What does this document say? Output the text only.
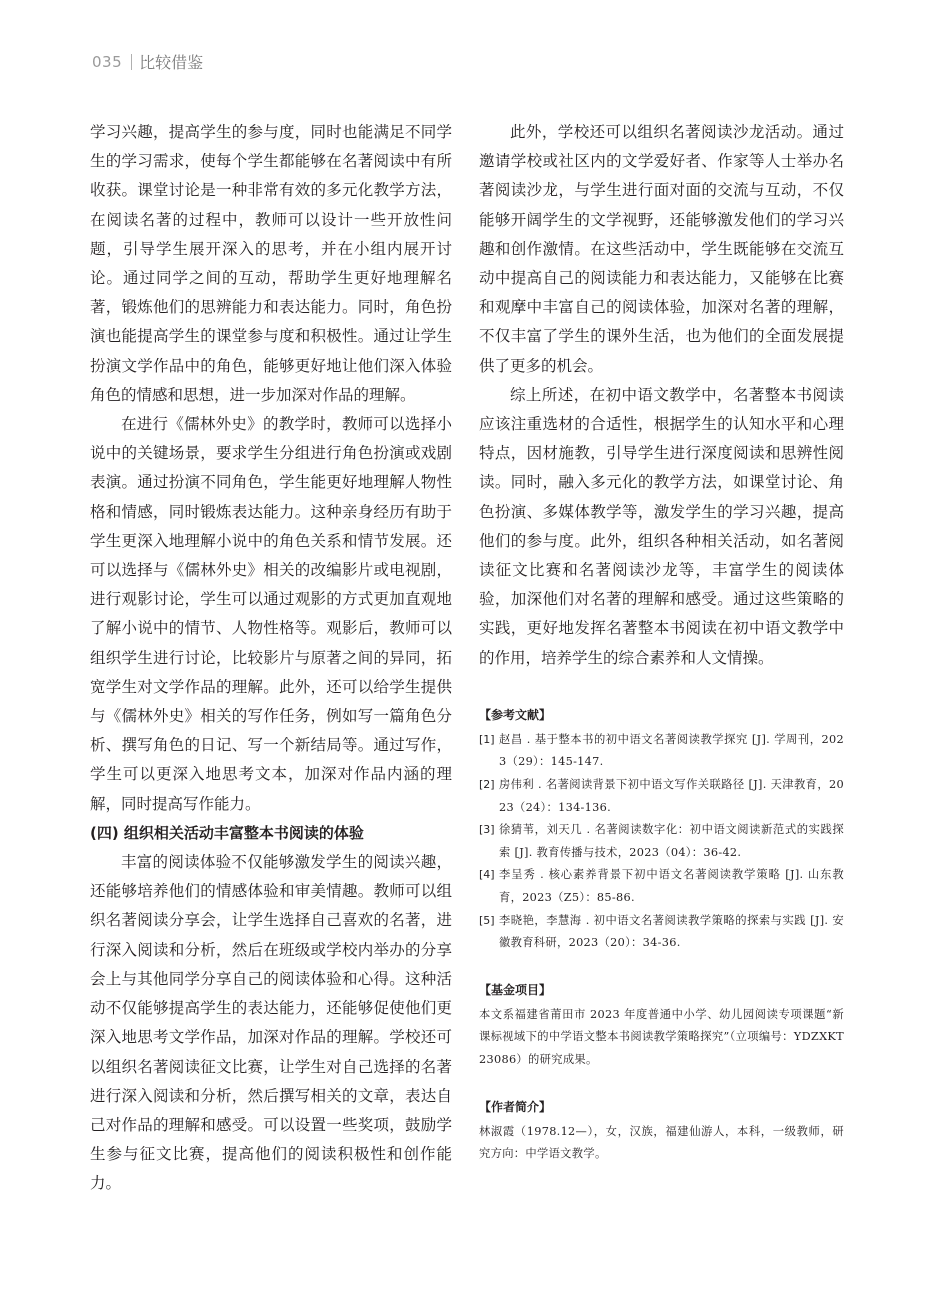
035 比较借鉴

学习兴趣，提高学生的参与度，同时也能满足不同学生的学习需求，使每个学生都能够在名著阅读中有所收获。课堂讨论是一种非常有效的多元化教学方法，在阅读名著的过程中，教师可以设计一些开放性问题，引导学生展开深入的思考，并在小组内展开讨论。通过同学之间的互动，帮助学生更好地理解名著，锻炼他们的思辨能力和表达能力。同时，角色扮演也能提高学生的课堂参与度和积极性。通过让学生扮演文学作品中的角色，能够更好地让他们深入体验角色的情感和思想，进一步加深对作品的理解。

在进行《儒林外史》的教学时，教师可以选择小说中的关键场景，要求学生分组进行角色扮演或戏剧表演。通过扮演不同角色，学生能更好地理解人物性格和情感，同时锻炼表达能力。这种亲身经历有助于学生更深入地理解小说中的角色关系和情节发展。还可以选择与《儒林外史》相关的改编影片或电视剧，进行观影讨论，学生可以通过观影的方式更加直观地了解小说中的情节、人物性格等。观影后，教师可以组织学生进行讨论，比较影片与原著之间的异同，拓宽学生对文学作品的理解。此外，还可以给学生提供与《儒林外史》相关的写作任务，例如写一篇角色分析、撰写角色的日记、写一个新结局等。通过写作，学生可以更深入地思考文本，加深对作品内涵的理解，同时提高写作能力。

(四) 组织相关活动丰富整本书阅读的体验

丰富的阅读体验不仅能够激发学生的阅读兴趣，还能够培养他们的情感体验和审美情趣。教师可以组织名著阅读分享会，让学生选择自己喜欢的名著，进行深入阅读和分析，然后在班级或学校内举办的分享会上与其他同学分享自己的阅读体验和心得。这种活动不仅能够提高学生的表达能力，还能够促使他们更深入地思考文学作品，加深对作品的理解。学校还可以组织名著阅读征文比赛，让学生对自己选择的名著进行深入阅读和分析，然后撰写相关的文章，表达自己对作品的理解和感受。可以设置一些奖项，鼓励学生参与征文比赛，提高他们的阅读积极性和创作能力。

此外，学校还可以组织名著阅读沙龙活动。通过邀请学校或社区内的文学爱好者、作家等人士举办名著阅读沙龙，与学生进行面对面的交流与互动，不仅能够开阔学生的文学视野，还能够激发他们的学习兴趣和创作激情。在这些活动中，学生既能够在交流互动中提高自己的阅读能力和表达能力，又能够在比赛和观摩中丰富自己的阅读体验，加深对名著的理解，不仅丰富了学生的课外生活，也为他们的全面发展提供了更多的机会。

综上所述，在初中语文教学中，名著整本书阅读应该注重选材的合适性，根据学生的认知水平和心理特点，因材施教，引导学生进行深度阅读和思辨性阅读。同时，融入多元化的教学方法，如课堂讨论、角色扮演、多媒体教学等，激发学生的学习兴趣，提高他们的参与度。此外，组织各种相关活动，如名著阅读征文比赛和名著阅读沙龙等，丰富学生的阅读体验，加深他们对名著的理解和感受。通过这些策略的实践，更好地发挥名著整本书阅读在初中语文教学中的作用，培养学生的综合素养和人文情操。

【参考文献】
[1] 赵昌 . 基于整本书的初中语文名著阅读教学探究 [J]. 学周刊，2023（29）：145-147.
[2] 房伟利 . 名著阅读背景下初中语文写作关联路径 [J]. 天津教育，2023（24）：134-136.
[3] 徐猜苇，刘天几 . 名著阅读数字化：初中语文阅读新范式的实践探索 [J]. 教育传播与技术，2023（04）：36-42.
[4] 李呈秀 . 核心素养背景下初中语文名著阅读教学策略 [J]. 山东教育，2023（Z5）：85-86.
[5] 李晓艳，李慧海 . 初中语文名著阅读教学策略的探索与实践 [J]. 安徽教育科研，2023（20）：34-36.
【基金项目】

本文系福建省莆田市 2023 年度普通中小学、幼儿园阅读专项课题“新课标视域下的中学语文整本书阅读教学策略探究”（立项编号：YDZXKT23086）的研究成果。

【作者简介】

林淑霞（1978.12—），女，汉族，福建仙游人，本科，一级教师，研究方向：中学语文教学。
